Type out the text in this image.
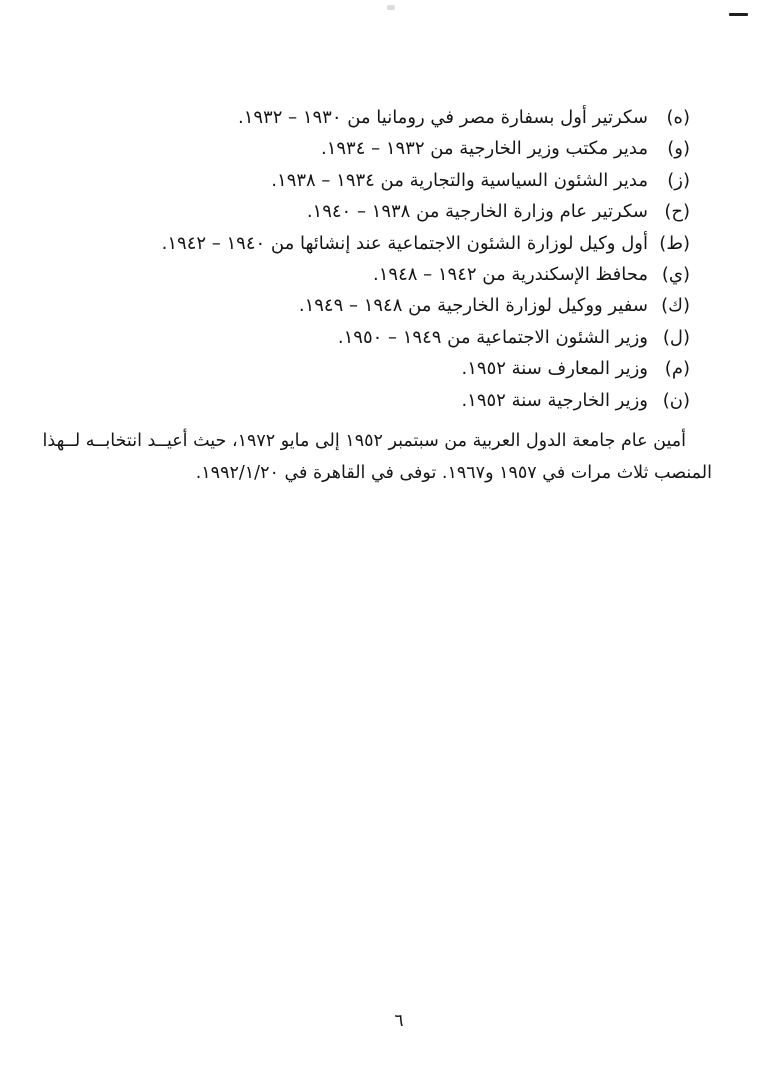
(ه)
سكرتير أول بسفارة مصر في رومانيا من ١٩٣٠ – ١٩٣٢.
(و)
مدير مكتب وزير الخارجية من ١٩٣٢ – ١٩٣٤.
(ز)
مدير الشئون السياسية والتجارية من ١٩٣٤ – ١٩٣٨.
(ح)
سكرتير عام وزارة الخارجية من ١٩٣٨ – ١٩٤٠.
(ط)
أول وكيل لوزارة الشئون الاجتماعية عند إنشائها من ١٩٤٠ – ١٩٤٢.
(ي)
محافظ الإسكندرية من ١٩٤٢ – ١٩٤٨.
(ك)
سفير ووكيل لوزارة الخارجية من ١٩٤٨ – ١٩٤٩.
(ل)
وزير الشئون الاجتماعية من ١٩٤٩ – ١٩٥٠.
(م)
وزير المعارف سنة ١٩٥٢.
(ن)
وزير الخارجية سنة ١٩٥٢.
أمين عام جامعة الدول العربية من سبتمبر ١٩٥٢ إلى مايو ١٩٧٢، حيث أعيــد انتخابــه لــهذا
المنصب ثلاث مرات في ١٩٥٧ و١٩٦٧. توفى في القاهرة في ١٩٩٢/١/٢٠.
٦
